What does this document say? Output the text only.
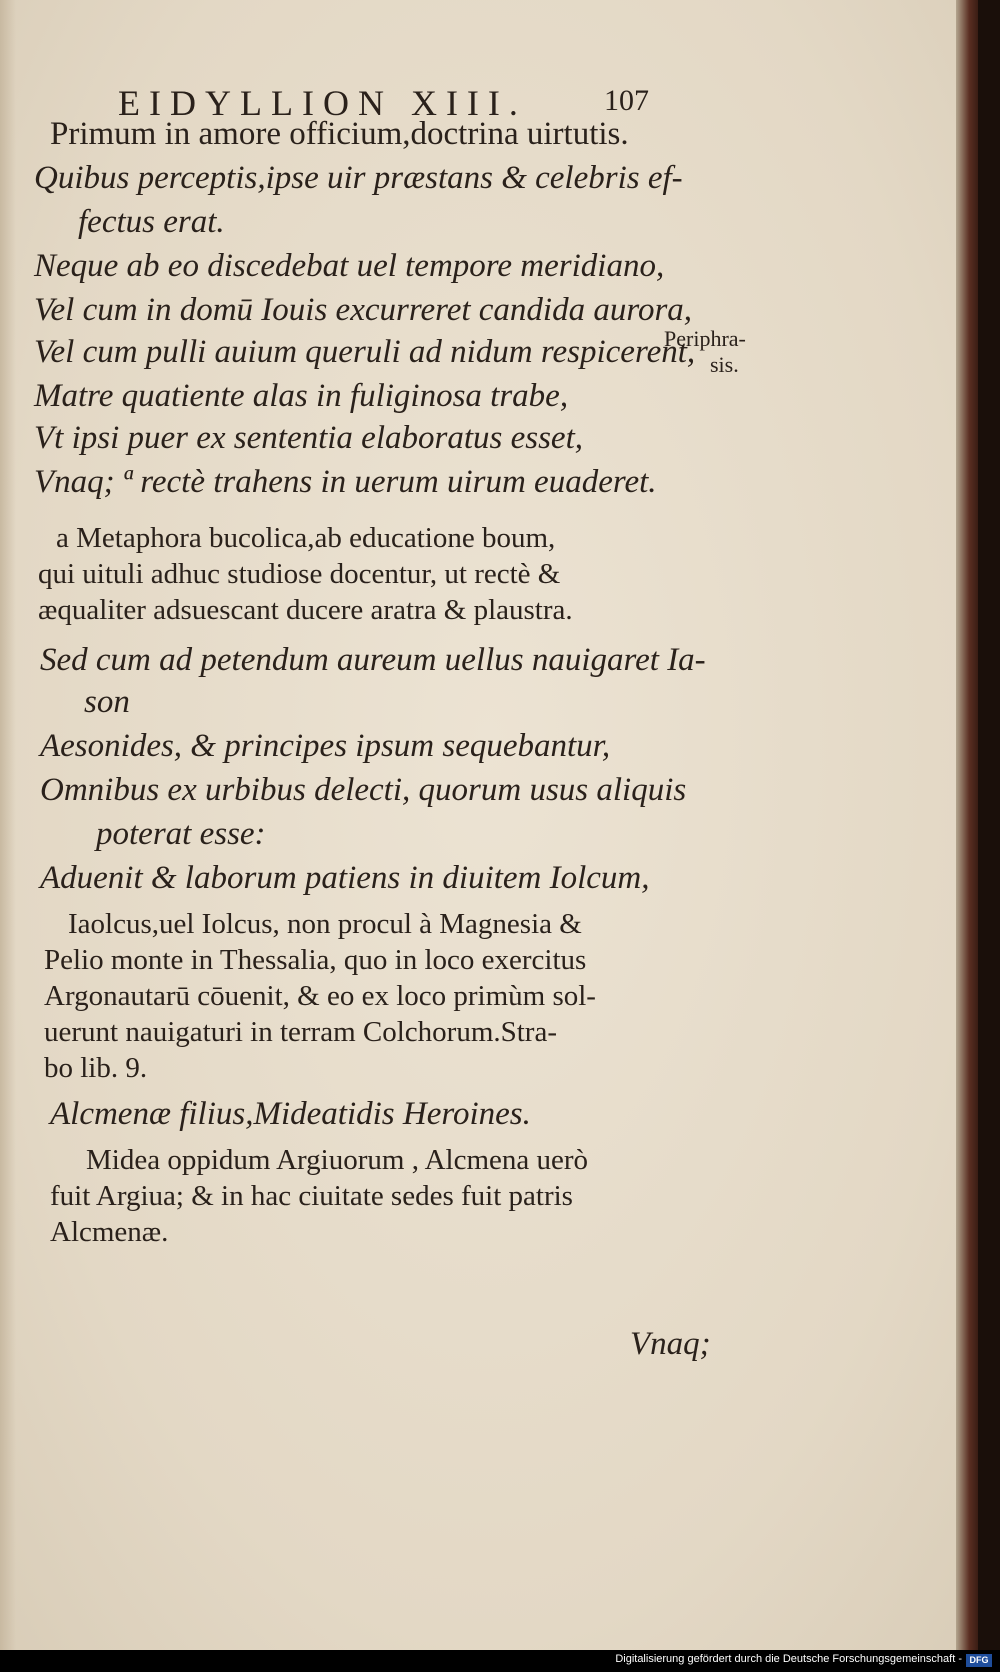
EIDYLLION XIII.	107
Primum in amore officium,doctrina uirtutis.
Quibus perceptis,ipse uir præstans & celebris ef-
fectus erat.
Neque ab eo discedebat uel tempore meridiano,
Vel cum in domū Iouis excurreret candida aurora,
Vel cum pulli auium queruli ad nidum respicerent,
Matre quatiente alas in fuliginosa trabe,
Vt ipsi puer ex sententia elaboratus esset,
Vnaq; ª rectè trahens in uerum uirum euaderet.
a Metaphora bucolica,ab educatione boum,
qui uituli adhuc studiose docentur, ut rectè &
æqualiter adsuescant ducere aratra & plaustra.
Sed cum ad petendum aureum uellus nauigaret Ia-
son
Aesonides, & principes ipsum sequebantur,
Omnibus ex urbibus delecti, quorum usus aliquis
poterat esse:
Aduenit & laborum patiens in diuitem Iolcum,
Iaolcus,uel Iolcus, non procul à Magnesia &
Pelio monte in Thessalia, quo in loco exercitus
Argonautarū cōuenit, & eo ex loco primùm sol-
uerunt nauigaturi in terram Colchorum.Stra-
bo lib. 9.
Alcmenæ filius,Mideatidis Heroines.
Midea oppidum Argiuorum , Alcmena uerò
fuit Argiua; & in hac ciuitate sedes fuit patris
Alcmenæ.
Periphra-
sis.
Vnaq;
Digitalisierung gefördert durch die Deutsche Forschungsgemeinschaft - DFG
